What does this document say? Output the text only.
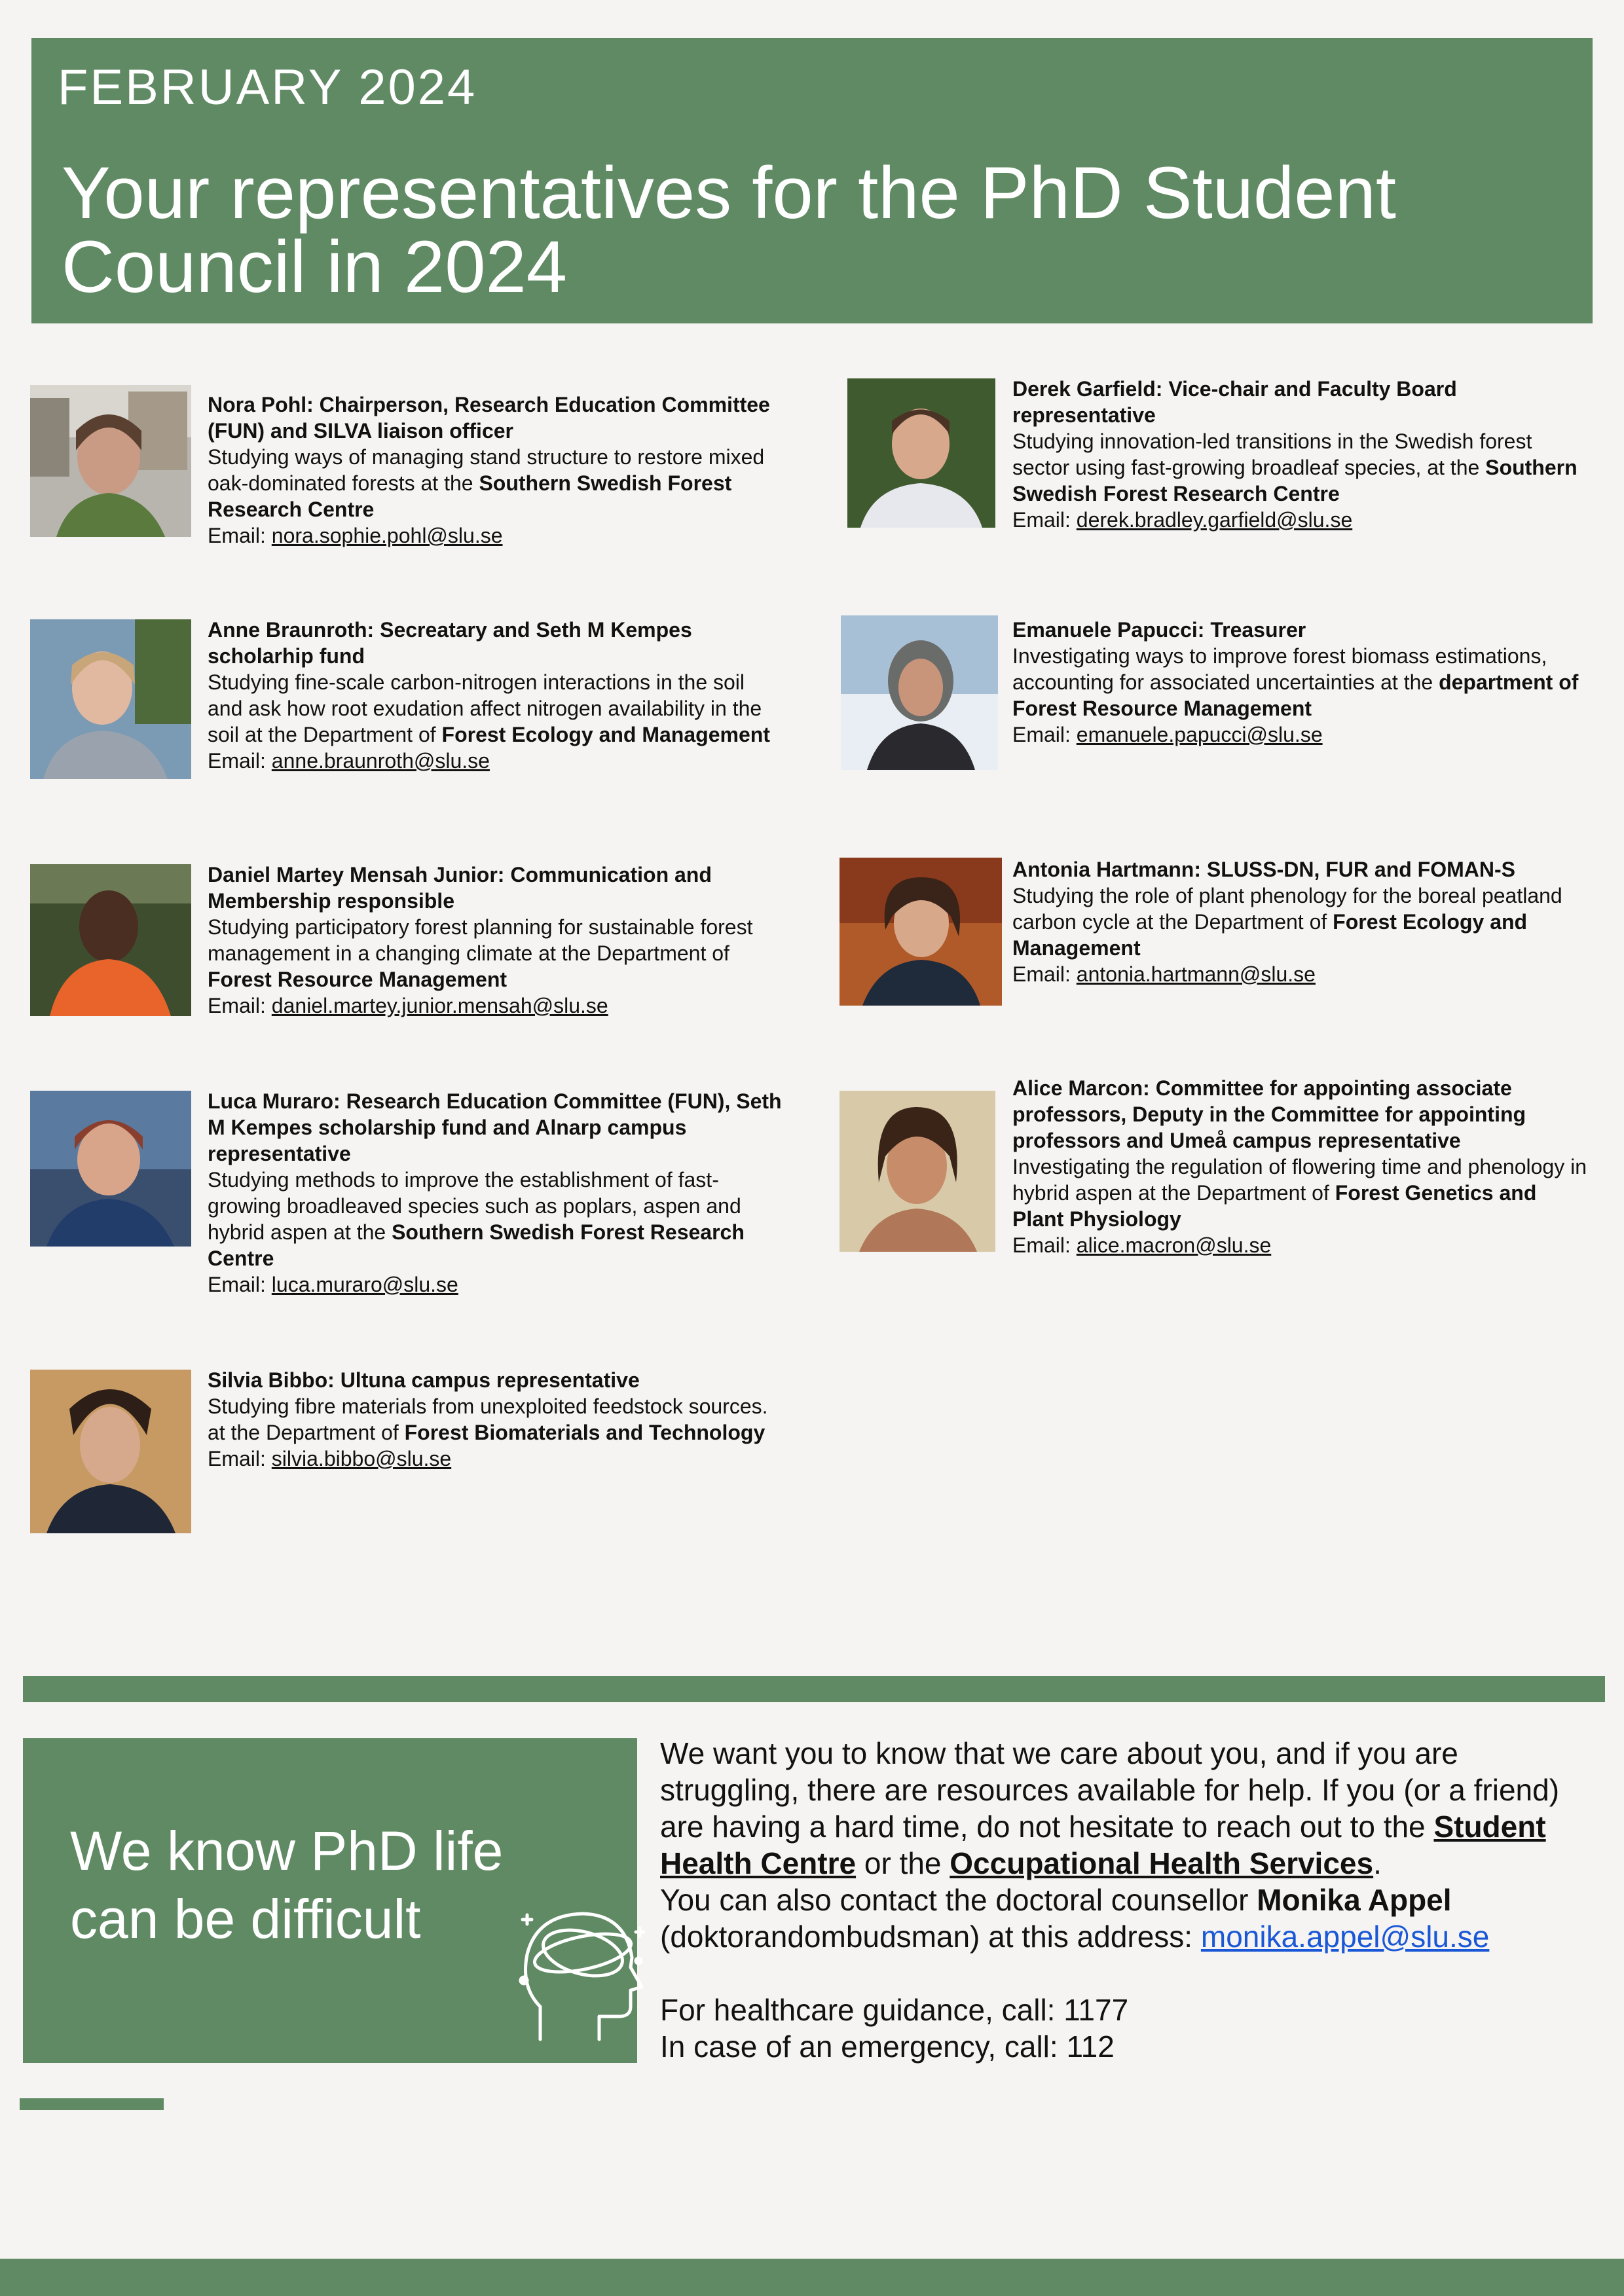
FEBRUARY 2024
Your representatives for the PhD Student Council in 2024
Nora Pohl: Chairperson, Research Education Committee (FUN) and SILVA liaison officer
Studying ways of managing stand structure to restore mixed oak-dominated forests at the Southern Swedish Forest Research Centre
Email: nora.sophie.pohl@slu.se
Anne Braunroth: Secreatary and Seth M Kempes scholarhip fund
Studying fine-scale carbon-nitrogen interactions in the soil and ask how root exudation affect nitrogen availability in the soil at the Department of Forest Ecology and Management
Email: anne.braunroth@slu.se
Daniel Martey Mensah Junior: Communication and Membership responsible
Studying participatory forest planning for sustainable forest management in a changing climate at the Department of Forest Resource Management
Email: daniel.martey.junior.mensah@slu.se
Luca Muraro: Research Education Committee (FUN), Seth M Kempes scholarship fund and Alnarp campus representative
Studying methods to improve the establishment of fast-growing broadleaved species such as poplars, aspen and hybrid aspen at the Southern Swedish Forest Research Centre
Email: luca.muraro@slu.se
Silvia Bibbo: Ultuna campus representative
Studying fibre materials from unexploited feedstock sources. at the Department of Forest Biomaterials and Technology
Email: silvia.bibbo@slu.se
Derek Garfield: Vice-chair and Faculty Board representative
Studying innovation-led transitions in the Swedish forest sector using fast-growing broadleaf species, at the Southern Swedish Forest Research Centre
Email: derek.bradley.garfield@slu.se
Emanuele Papucci: Treasurer
Investigating ways to improve forest biomass estimations, accounting for associated uncertainties at the department of Forest Resource Management
Email: emanuele.papucci@slu.se
Antonia Hartmann: SLUSS-DN, FUR and FOMAN-S
Studying the role of plant phenology for the boreal peatland carbon cycle at the Department of Forest Ecology and Management
Email: antonia.hartmann@slu.se
Alice Marcon: Committee for appointing associate professors, Deputy in the Committee for appointing professors and Umeå campus representative
Investigating the regulation of flowering time and phenology in hybrid aspen at the Department of Forest Genetics and Plant Physiology
Email: alice.macron@slu.se
We know PhD life can be difficult

We want you to know that we care about you, and if you are struggling, there are resources available for help. If you (or a friend) are having a hard time, do not hesitate to reach out to the Student Health Centre or the Occupational Health Services.
You can also contact the doctoral counsellor Monika Appel (doktorandombudsman) at this address: monika.appel@slu.se

For healthcare guidance, call: 1177

In case of an emergency, call: 112
